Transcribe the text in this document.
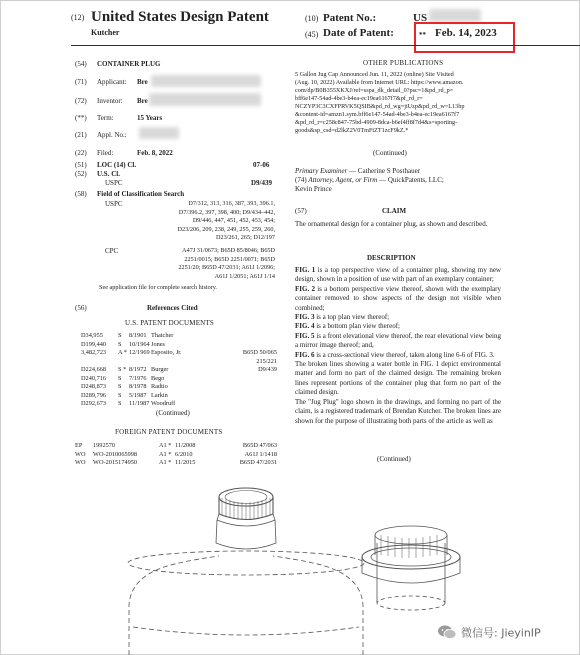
(12) United States Design Patent
Kutcher
(10) Patent No.:	US
(45) Date of Patent:	** Feb. 14, 2023
(54) CONTAINER PLUG
(71) Applicant: Bre
(72) Inventor: Bre
(**) Term:	15 Years
(21) Appl. No.:
(22) Filed:	Feb. 8, 2022
(51) LOC (14) Cl.	07-06
(52) U.S. Cl.
USPC	D9/439
(58) Field of Classification Search
USPC	D7/312, 313, 316, 387, 393, 396.1,
D7/396.2, 397, 398, 400; D9/434–442,
D9/446, 447, 451, 452, 453, 454;
D23/206, 209, 238, 249, 255, 259, 260,
D23/261, 265; D12/197
CPC	A47J 31/0673; B65D 85/8046; B65D
2251/0015; B65D 2251/0071; B65D
2251/20; B65D 47/2031; A61J 1/2096;
A61J 1/2051; A61J 1/14
See application file for complete search history.
(56)	References Cited
U.S. PATENT DOCUMENTS
D34,955 S 8/1901 Thatcher
D199,440 S 10/1964 Jones
3,482,723 A * 12/1969 Esposito, Jr.	B65D 50/065
215/221
D224,668 S * 8/1972 Burger	D9/439
D240,716 S 7/1976 Bego
D248,873 S 8/1978 Radtio
D289,796 S 5/1987 Larkin
D292,673 S 11/1987 Woodruff
(Continued)
FOREIGN PATENT DOCUMENTS
EP 1992570	A1 * 11/2008	B65D 47/063
WO WO-2010065998	A1 * 6/2010	A61J 1/1418
WO WO-2015174950	A1 * 11/2015	B65D 47/2031
OTHER PUBLICATIONS
5 Gallon Jug Cap Announced Jun. 11, 2022 (online) Site Visited
(Aug. 10, 2022) Available from Internet URL: https://www.amazon.
com/dp/B0B355XKXJ/ref=sspa_dk_detail_0?psc=1&pd_rd_p=
bff6e147-54ad-4be3-b4ea-ec19ea6167f7&pf_rd_r=
NCZYP3C3CXFPRVK5QSIB&pd_rd_wg=jiUzp&pd_rd_w=L13hp
&content-id=amzn1.sym.bff6e147-54ad-4be3-b4ea-ec19ea6167f7
&pd_rd_r=c258c847-75bd-4909-8dca-b6ef4ff8f7d4&s=sporting-
goods&sp_csd=d2lkZ2V0TmFtZT1zcF9kZ.*
(Continued)
Primary Examiner — Catherine S Posthauer
(74) Attorney, Agent, or Firm — QuickPatents, LLC;
Kevin Prince
(57)	CLAIM
The ornamental design for a container plug, as shown and described.
DESCRIPTION
FIG. 1 is a top perspective view of a container plug, showing my new design, shown in a position of use with part of an exemplary container;
FIG. 2 is a bottom perspective view thereof, shown with the exemplary container removed to show aspects of the design not visible when combined;
FIG. 3 is a top plan view thereof;
FIG. 4 is a bottom plan view thereof;
FIG. 5 is a front elevational view thereof, the rear elevational view being a mirror image thereof; and,
FIG. 6 is a cross-sectional view thereof, taken along line 6-6 of FIG. 3.
The broken lines showing a water bottle in FIG. 1 depict environmental matter and form no part of the claimed design. The remaining broken lines represent portions of the container plug that form no part of the claimed design.
The "Jug Plug" logo shown in the drawings, and forming no part of the claim, is a registered trademark of Brendan Kutcher. The broken lines are shown for the purpose of illustrating both parts of the article as well as
(Continued)
微信号: JieyinIP
